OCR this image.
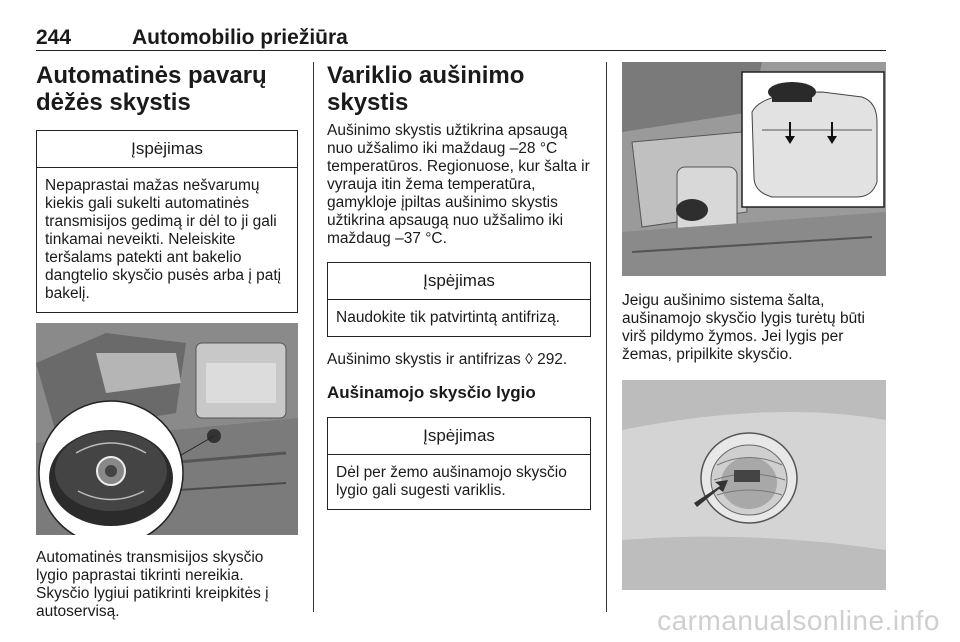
244	Automobilio priežiūra
Automatinės pavarų dėžės skystis
Įspėjimas
Nepaprastai mažas nešvarumų kiekis gali sukelti automatinės transmisijos gedimą ir dėl to ji gali tinkamai neveikti. Neleiskite teršalams patekti ant bakelio dangtelio skysčio pusės arba į patį bakelį.

Automatinės transmisijos skysčio lygio paprastai tikrinti nereikia. Skysčio lygiui patikrinti kreipkitės į autoservisą.

Variklio aušinimo skystis

Aušinimo skystis užtikrina apsaugą nuo užšalimo iki maždaug –28 °C temperatūros. Regionuose, kur šalta ir vyrauja itin žema temperatūra, gamykloje įpiltas aušinimo skystis užtikrina apsaugą nuo užšalimo iki maždaug –37 °C.

Įspėjimas
Naudokite tik patvirtintą antifrizą.

Aušinimo skystis ir antifrizas ◊ 292.

Aušinamojo skysčio lygio
Įspėjimas
Dėl per žemo aušinamojo skysčio lygio gali sugesti variklis.

Jeigu aušinimo sistema šalta, aušinamojo skysčio lygis turėtų būti virš pildymo žymos. Jei lygis per žemas, pripilkite skysčio.

carmanualsonline.info
